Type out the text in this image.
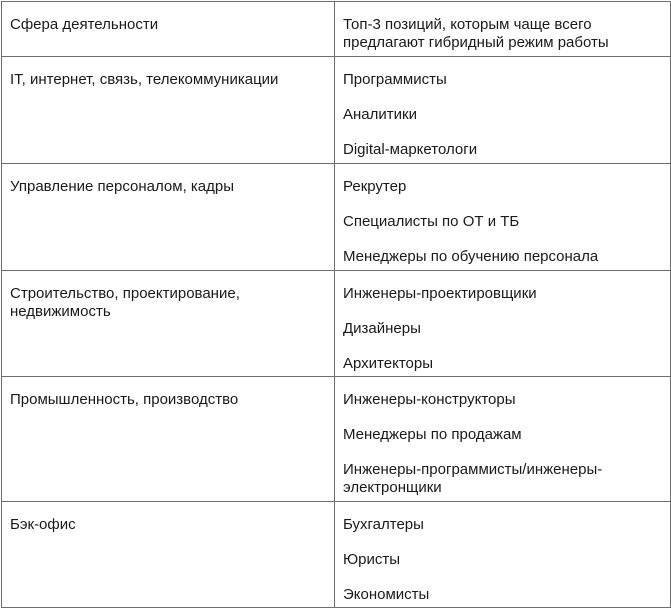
Сфера деятельности	Топ-3 позиций, которым чаще всего предлагают гибридный режим работы
IT, интернет, связь, телекоммуникации	Программисты
Аналитики
Digital-маркетологи

Управление персоналом, кадры	Рекрутер
Специалисты по ОТ и ТБ
Менеджеры по обучению персонала

Строительство, проектирование, недвижимость	Инженеры-проектировщики
Дизайнеры
Архитекторы

Промышленность, производство	Инженеры-конструкторы
Менеджеры по продажам
Инженеры-программисты/инженеры-электронщики

Бэк-офис	Бухгалтеры
Юристы
Экономисты
